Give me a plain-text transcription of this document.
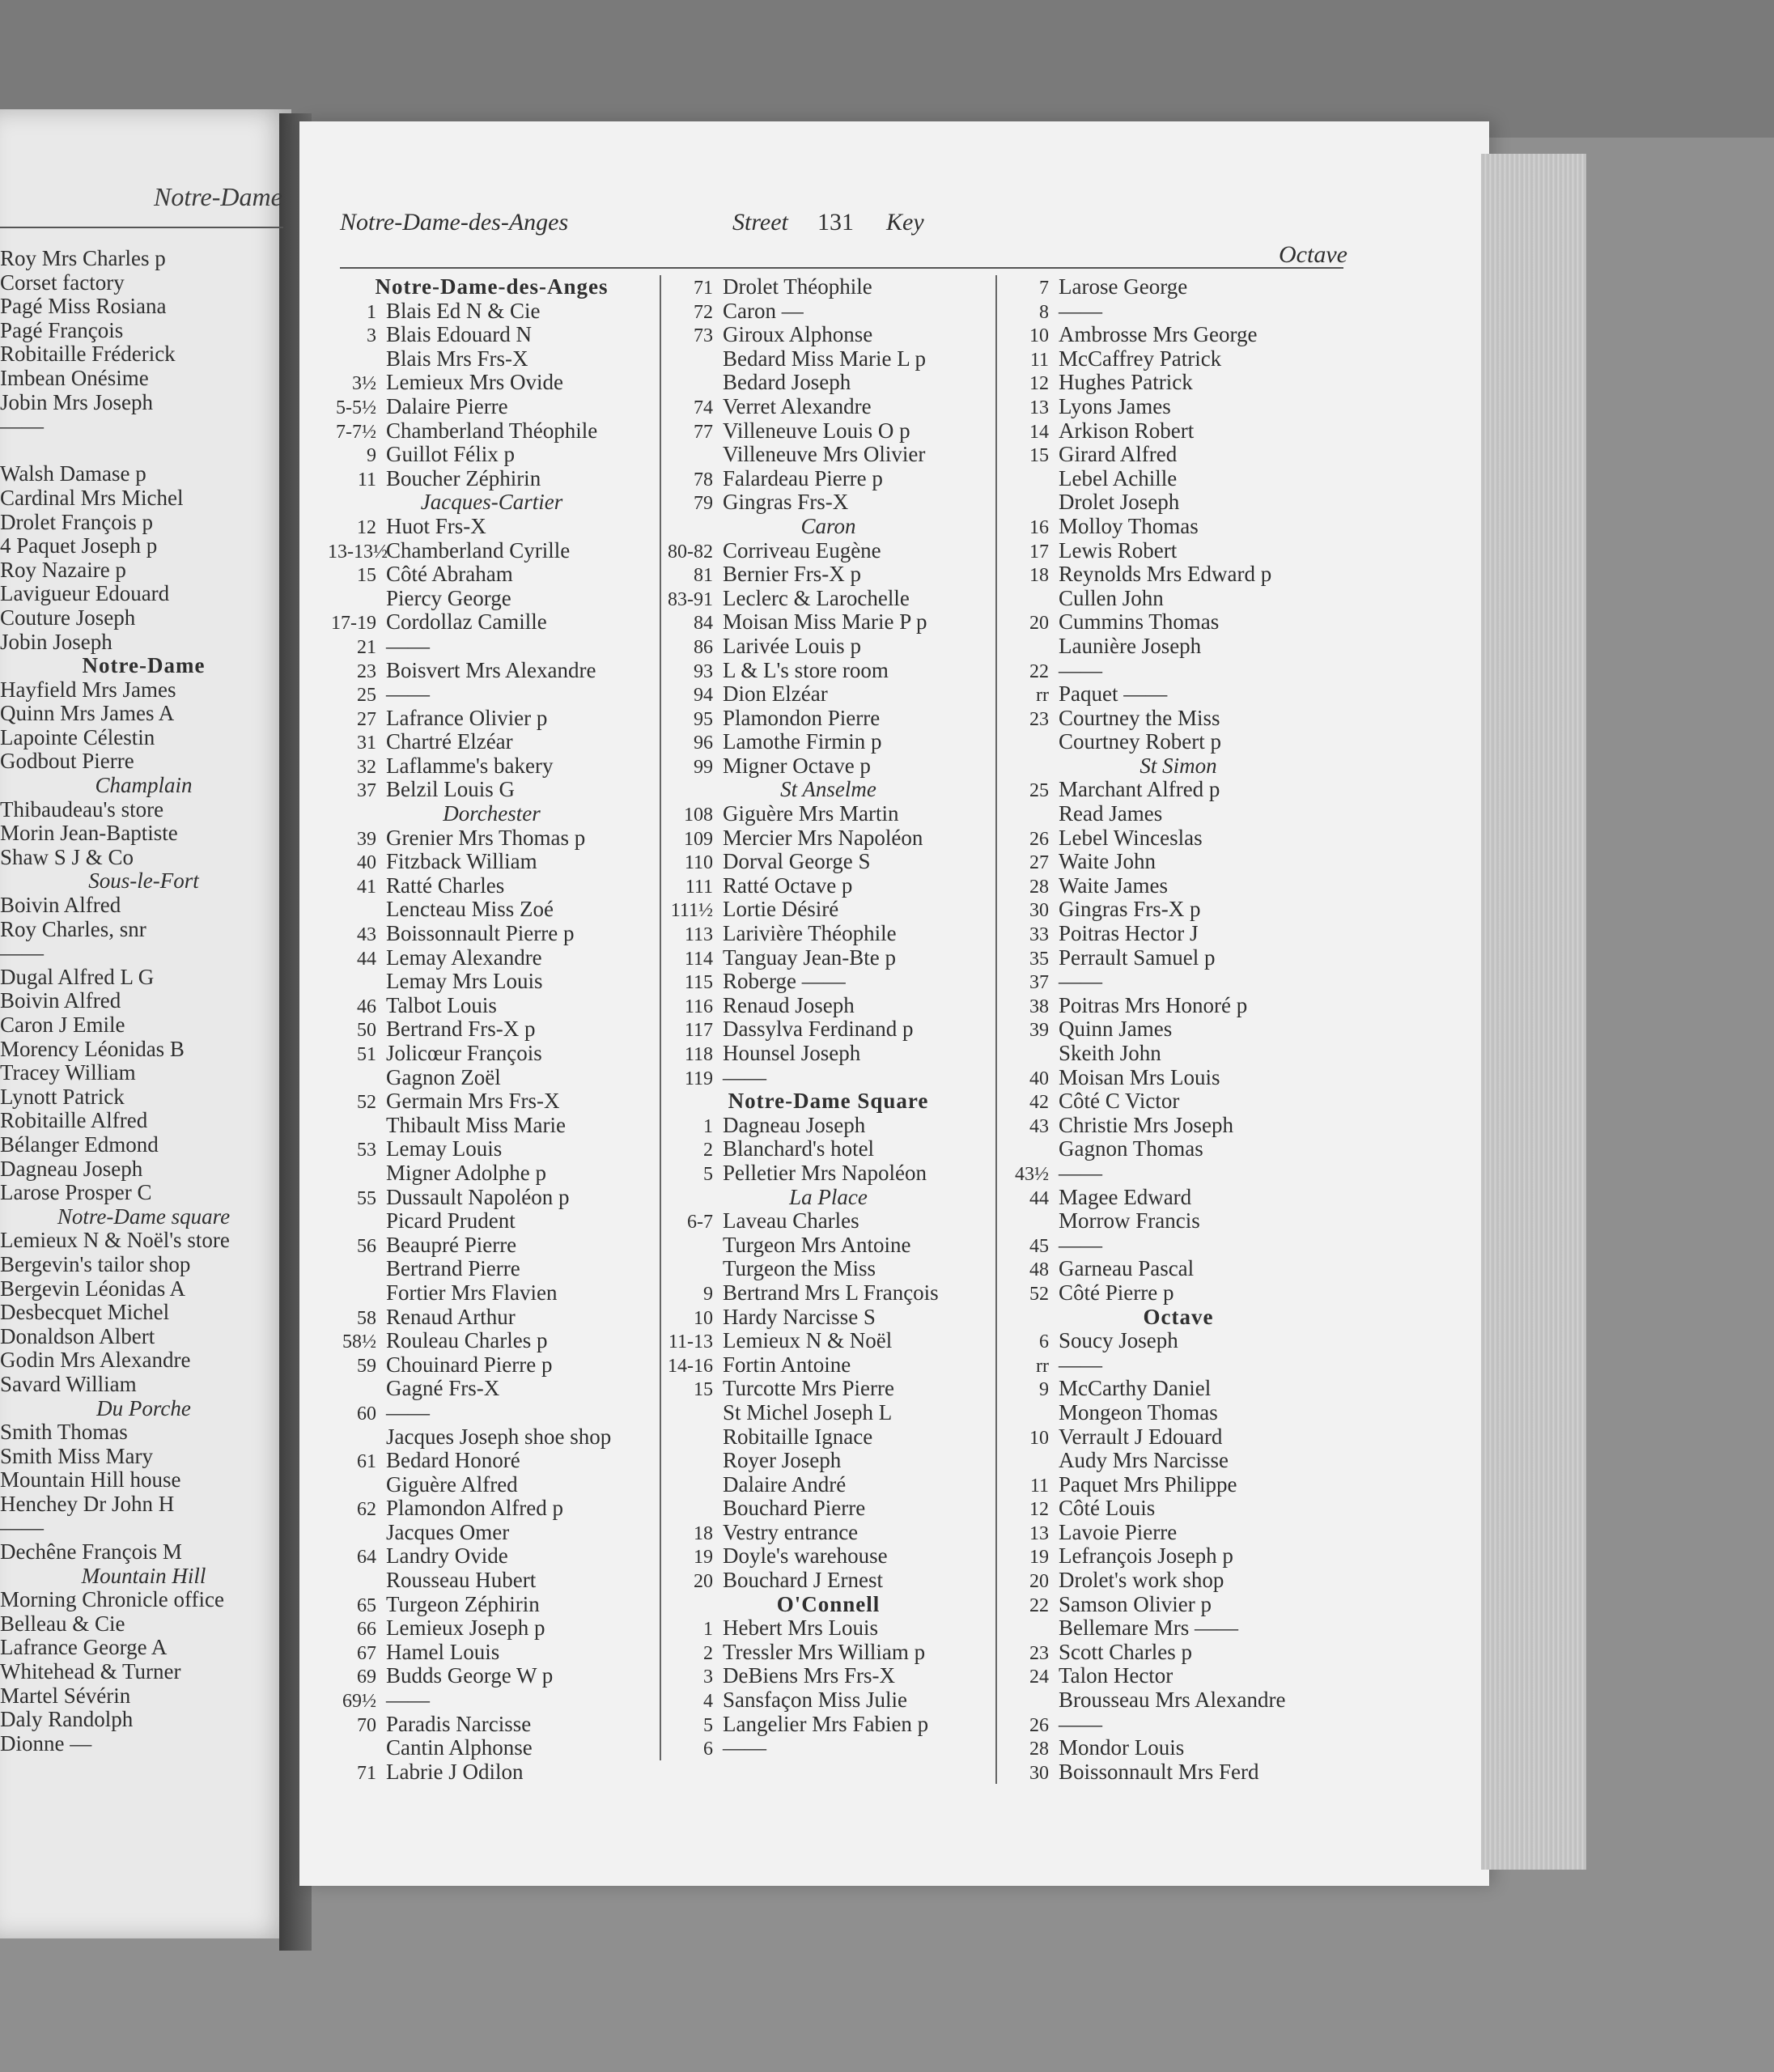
Notre-Dame
Roy Mrs Charles p
Corset factory
Pagé Miss Rosiana
Pagé François
Robitaille Fréderick
Imbean Onésime
Jobin Mrs Joseph
——
Walsh Damase p
Cardinal Mrs Michel
Drolet François p
4 Paquet Joseph p
Roy Nazaire p
Lavigueur Edouard
Couture Joseph
Jobin Joseph
Notre-Dame
Hayfield Mrs James
Quinn Mrs James A
Lapointe Célestin
Godbout Pierre
Champlain
Thibaudeau's store
Morin Jean-Baptiste
Shaw S J & Co
Sous-le-Fort
Boivin Alfred
Roy Charles, snr
——
Dugal Alfred L G
Boivin Alfred
Caron J Emile
Morency Léonidas B
Tracey William
Lynott Patrick
Robitaille Alfred
Bélanger Edmond
Dagneau Joseph
Larose Prosper C
Notre-Dame square
Lemieux N & Noël's store
Bergevin's tailor shop
Bergevin Léonidas A
Desbecquet Michel
Donaldson Albert
Godin Mrs Alexandre
Savard William
Du Porche
Smith Thomas
Smith Miss Mary
Mountain Hill house
Henchey Dr John H
——
Dechêne François M
Mountain Hill
Morning Chronicle office
Belleau & Cie
Lafrance George A
Whitehead & Turner
Martel Sévérin
Daly Randolph
Dionne —
Notre-Dame-des-Anges	Street 131 Key
Octave
Notre-Dame-des-Anges
1 Blais Ed N & Cie
3 Blais Edouard N
Blais Mrs Frs-X
3½ Lemieux Mrs Ovide
5-5½ Dalaire Pierre
7-7½ Chamberland Théophile
9 Guillot Félix p
11 Boucher Zéphirin
Jacques-Cartier
12 Huot Frs-X
13-13½Chamberland Cyrille
15 Côté Abraham
Piercy George
17-19 Cordollaz Camille
21 ——
23 Boisvert Mrs Alexandre
25 ——
27 Lafrance Olivier p
31 Chartré Elzéar
32 Laflamme's bakery
37 Belzil Louis G
Dorchester
39 Grenier Mrs Thomas p
40 Fitzback William
41 Ratté Charles
Lencteau Miss Zoé
43 Boissonnault Pierre p
44 Lemay Alexandre
Lemay Mrs Louis
46 Talbot Louis
50 Bertrand Frs-X p
51 Jolicœur François
Gagnon Zoël
52 Germain Mrs Frs-X
Thibault Miss Marie
53 Lemay Louis
Migner Adolphe p
55 Dussault Napoléon p
Picard Prudent
56 Beaupré Pierre
Bertrand Pierre
Fortier Mrs Flavien
58 Renaud Arthur
58½ Rouleau Charles p
59 Chouinard Pierre p
Gagné Frs-X
60 ——
Jacques Joseph shoe shop
61 Bedard Honoré
Giguère Alfred
62 Plamondon Alfred p
Jacques Omer
64 Landry Ovide
Rousseau Hubert
65 Turgeon Zéphirin
66 Lemieux Joseph p
67 Hamel Louis
69 Budds George W p
69½ ——
70 Paradis Narcisse
Cantin Alphonse
71 Labrie J Odilon
71 Drolet Théophile
72 Caron —
73 Giroux Alphonse
Bedard Miss Marie L p
Bedard Joseph
74 Verret Alexandre
77 Villeneuve Louis O p
Villeneuve Mrs Olivier
78 Falardeau Pierre p
79 Gingras Frs-X
Caron
80-82 Corriveau Eugène
81 Bernier Frs-X p
83-91 Leclerc & Larochelle
84 Moisan Miss Marie P p
86 Larivée Louis p
93 L & L's store room
94 Dion Elzéar
95 Plamondon Pierre
96 Lamothe Firmin p
99 Migner Octave p
St Anselme
108 Giguère Mrs Martin
109 Mercier Mrs Napoléon
110 Dorval George S
111 Ratté Octave p
111½ Lortie Désiré
113 Larivière Théophile
114 Tanguay Jean-Bte p
115 Roberge ——
116 Renaud Joseph
117 Dassylva Ferdinand p
118 Hounsel Joseph
119 ——
Notre-Dame Square
1 Dagneau Joseph
2 Blanchard's hotel
5 Pelletier Mrs Napoléon
La Place
6-7 Laveau Charles
Turgeon Mrs Antoine
Turgeon the Miss
9 Bertrand Mrs L François
10 Hardy Narcisse S
11-13 Lemieux N & Noël
14-16 Fortin Antoine
15 Turcotte Mrs Pierre
St Michel Joseph L
Robitaille Ignace
Royer Joseph
Dalaire André
Bouchard Pierre
18 Vestry entrance
19 Doyle's warehouse
20 Bouchard J Ernest
O'Connell
1 Hebert Mrs Louis
2 Tressler Mrs William p
3 DeBiens Mrs Frs-X
4 Sansfaçon Miss Julie
5 Langelier Mrs Fabien p
6 ——
7 Larose George
8 ——
10 Ambrosse Mrs George
11 McCaffrey Patrick
12 Hughes Patrick
13 Lyons James
14 Arkison Robert
15 Girard Alfred
Lebel Achille
Drolet Joseph
16 Molloy Thomas
17 Lewis Robert
18 Reynolds Mrs Edward p
Cullen John
20 Cummins Thomas
Launière Joseph
22 ——
rr Paquet ——
23 Courtney the Miss
Courtney Robert p
St Simon
25 Marchant Alfred p
Read James
26 Lebel Winceslas
27 Waite John
28 Waite James
30 Gingras Frs-X p
33 Poitras Hector J
35 Perrault Samuel p
37 ——
38 Poitras Mrs Honoré p
39 Quinn James
Skeith John
40 Moisan Mrs Louis
42 Côté C Victor
43 Christie Mrs Joseph
Gagnon Thomas
43½ ——
44 Magee Edward
Morrow Francis
45 ——
48 Garneau Pascal
52 Côté Pierre p
Octave
6 Soucy Joseph
rr ——
9 McCarthy Daniel
Mongeon Thomas
10 Verrault J Edouard
Audy Mrs Narcisse
11 Paquet Mrs Philippe
12 Côté Louis
13 Lavoie Pierre
19 Lefrançois Joseph p
20 Drolet's work shop
22 Samson Olivier p
Bellemare Mrs ——
23 Scott Charles p
24 Talon Hector
Brousseau Mrs Alexandre
26 ——
28 Mondor Louis
30 Boissonnault Mrs Ferd
